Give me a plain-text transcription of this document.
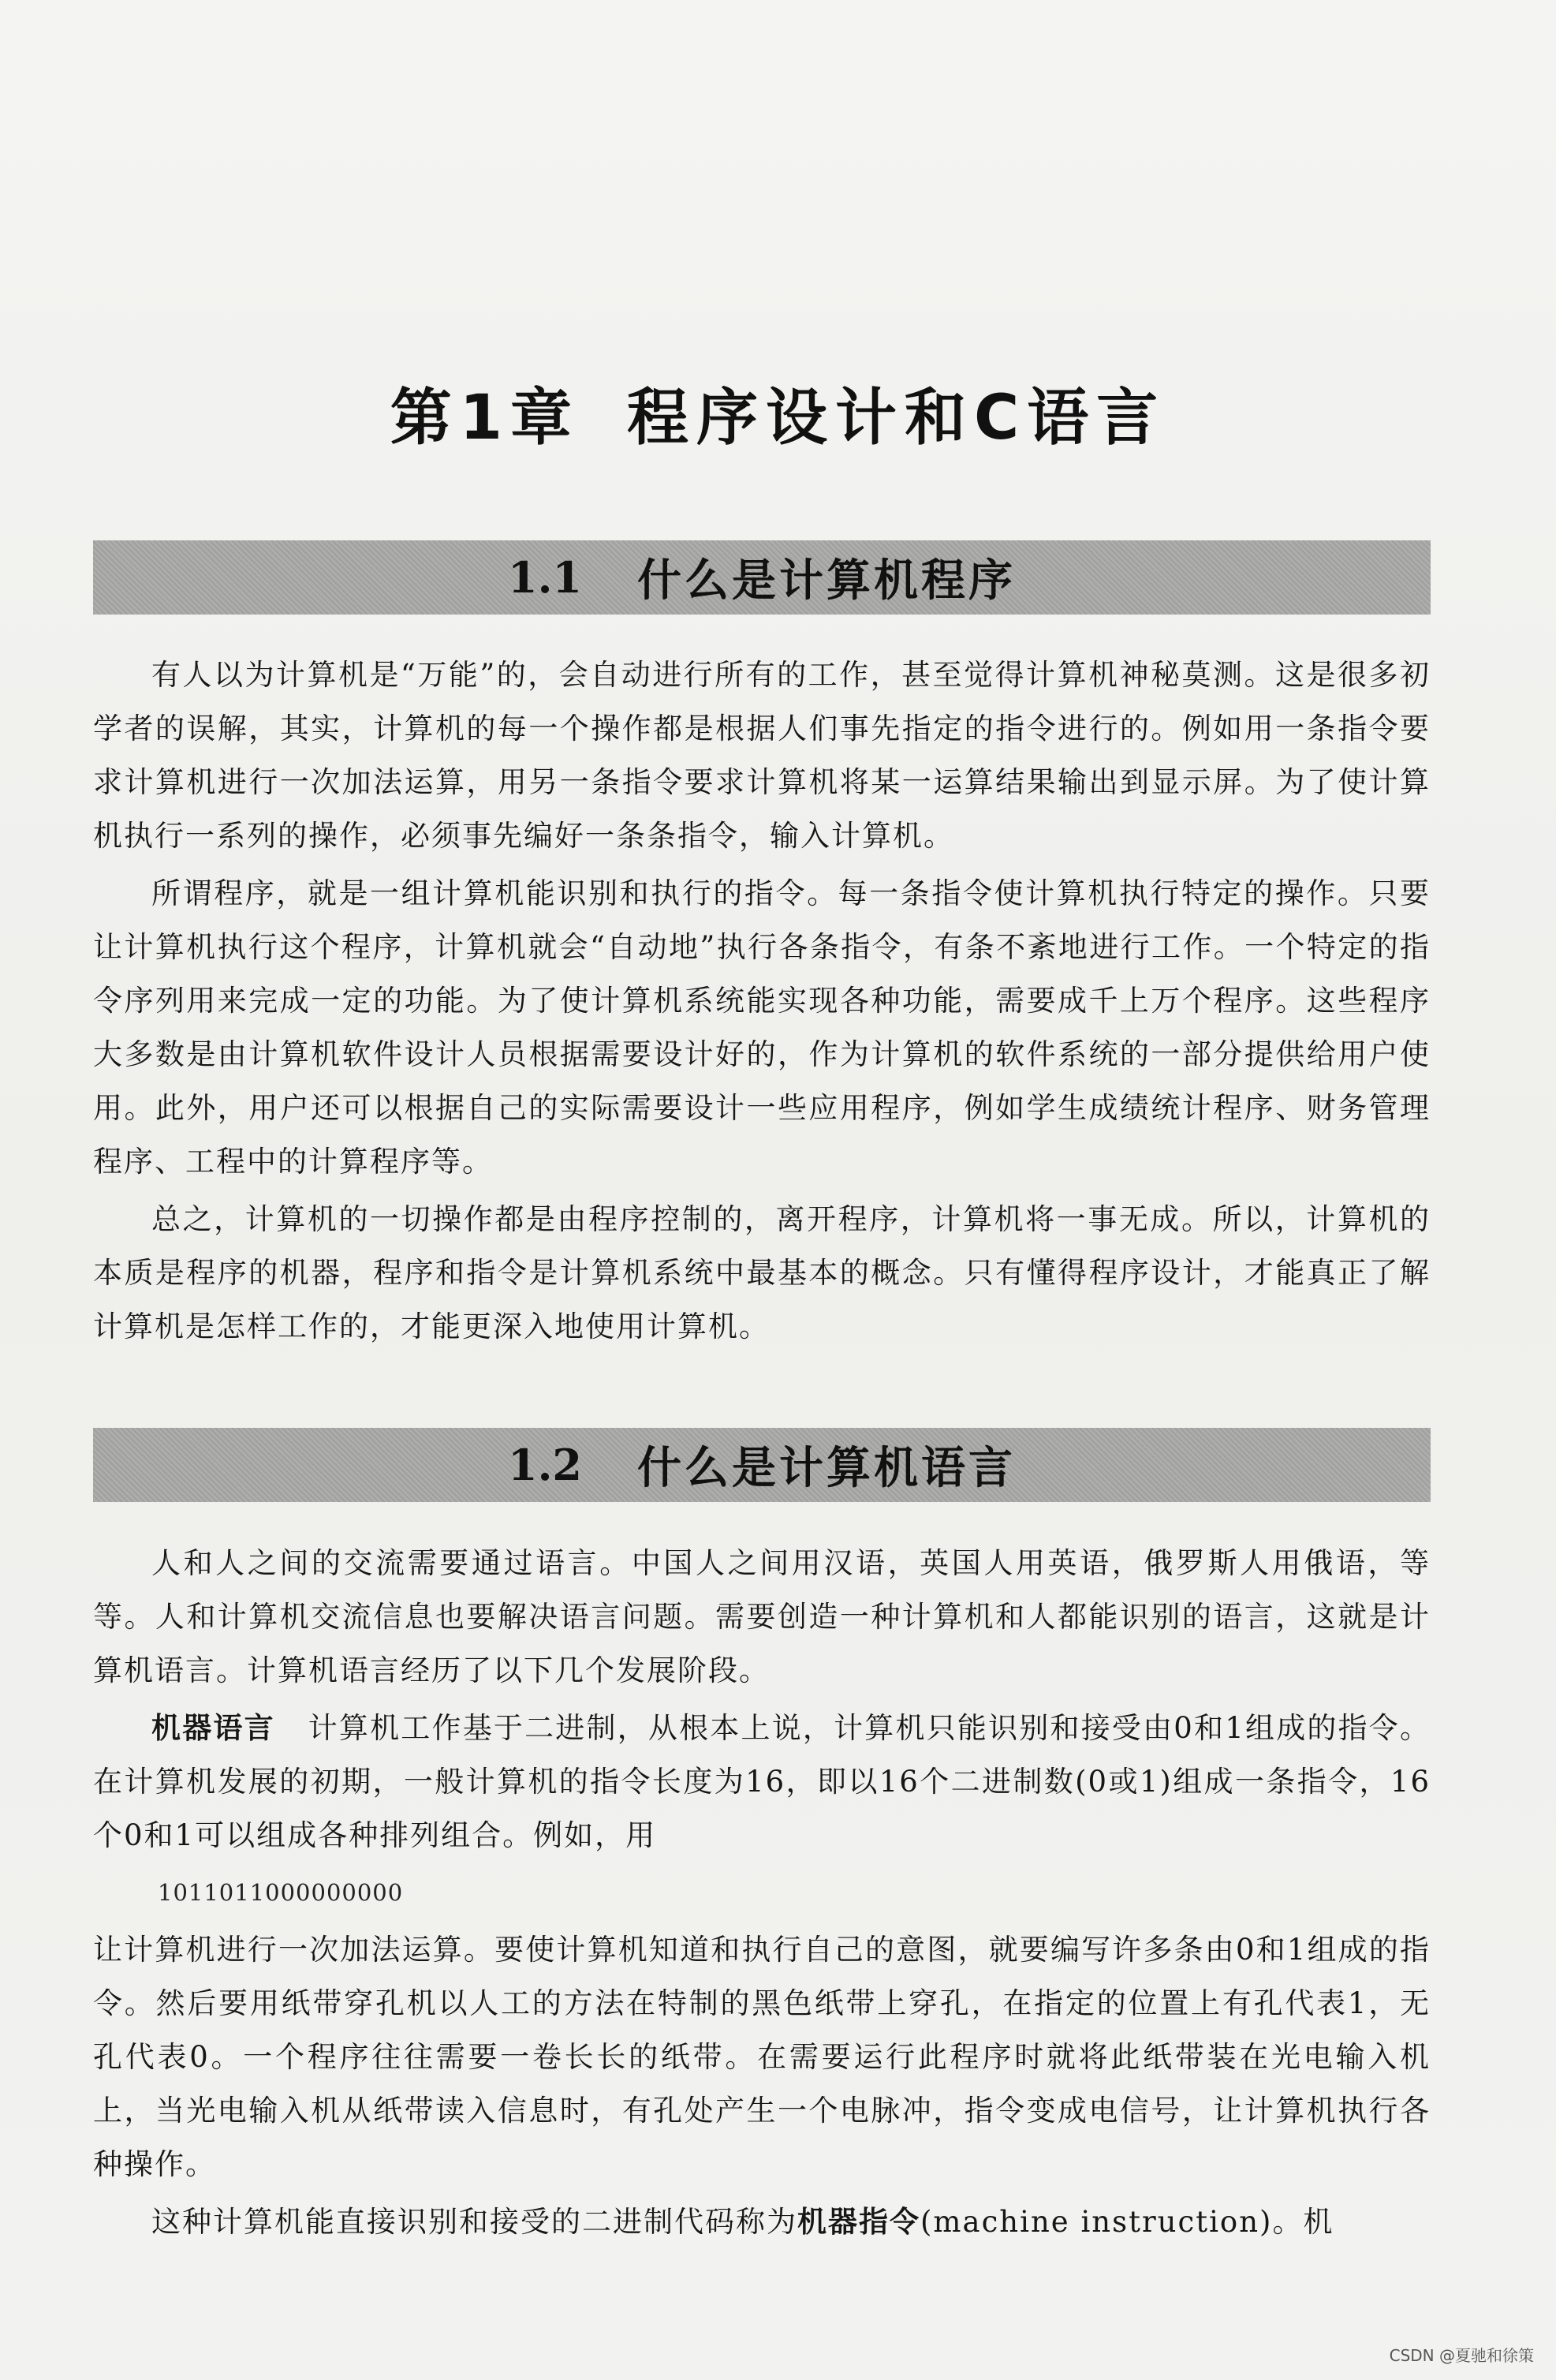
第1章 程序设计和C语言
1.1 什么是计算机程序

有人以为计算机是“万能”的，会自动进行所有的工作，甚至觉得计算机神秘莫测。这是很多初学者的误解，其实，计算机的每一个操作都是根据人们事先指定的指令进行的。例如用一条指令要求计算机进行一次加法运算，用另一条指令要求计算机将某一运算结果输出到显示屏。为了使计算机执行一系列的操作，必须事先编好一条条指令，输入计算机。

所谓程序，就是一组计算机能识别和执行的指令。每一条指令使计算机执行特定的操作。只要让计算机执行这个程序，计算机就会“自动地”执行各条指令，有条不紊地进行工作。一个特定的指令序列用来完成一定的功能。为了使计算机系统能实现各种功能，需要成千上万个程序。这些程序大多数是由计算机软件设计人员根据需要设计好的，作为计算机的软件系统的一部分提供给用户使用。此外，用户还可以根据自己的实际需要设计一些应用程序，例如学生成绩统计程序、财务管理程序、工程中的计算程序等。

总之，计算机的一切操作都是由程序控制的，离开程序，计算机将一事无成。所以，计算机的本质是程序的机器，程序和指令是计算机系统中最基本的概念。只有懂得程序设计，才能真正了解计算机是怎样工作的，才能更深入地使用计算机。

1.2 什么是计算机语言

人和人之间的交流需要通过语言。中国人之间用汉语，英国人用英语，俄罗斯人用俄语，等等。人和计算机交流信息也要解决语言问题。需要创造一种计算机和人都能识别的语言，这就是计算机语言。计算机语言经历了以下几个发展阶段。

机器语言 计算机工作基于二进制，从根本上说，计算机只能识别和接受由0和1组成的指令。在计算机发展的初期，一般计算机的指令长度为16，即以16个二进制数(0或1)组成一条指令，16个0和1可以组成各种排列组合。例如，用

1011011000000000

让计算机进行一次加法运算。要使计算机知道和执行自己的意图，就要编写许多条由0和1组成的指令。然后要用纸带穿孔机以人工的方法在特制的黑色纸带上穿孔，在指定的位置上有孔代表1，无孔代表0。一个程序往往需要一卷长长的纸带。在需要运行此程序时就将此纸带装在光电输入机上，当光电输入机从纸带读入信息时，有孔处产生一个电脉冲，指令变成电信号，让计算机执行各种操作。

这种计算机能直接识别和接受的二进制代码称为机器指令(machine instruction)。机

CSDN @夏驰和徐策
